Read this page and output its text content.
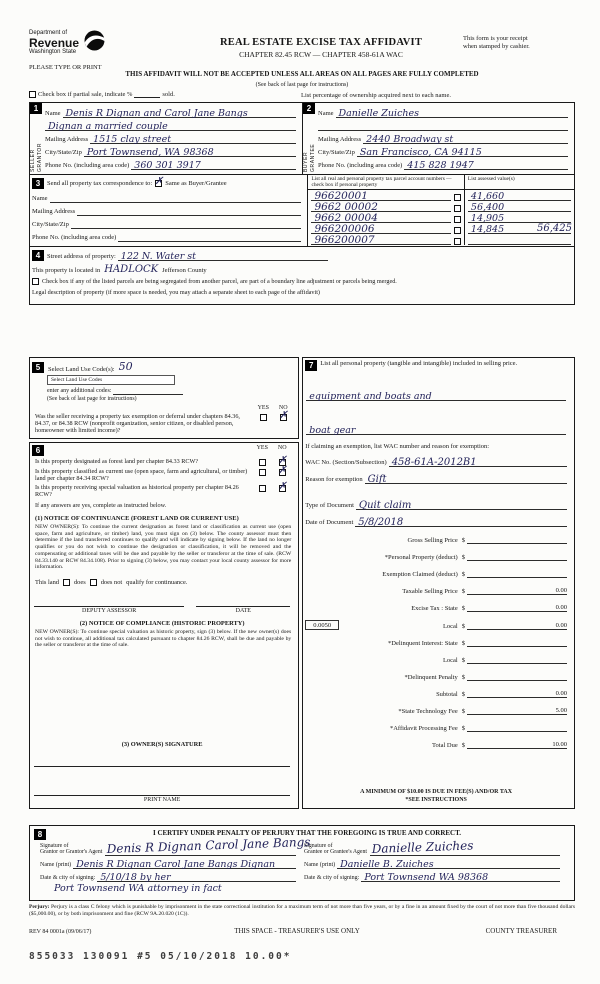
Department of
Revenue
Washington State
REAL ESTATE EXCISE TAX AFFIDAVIT
CHAPTER 82.45 RCW — CHAPTER 458-61A WAC
This form is your receipt
when stamped by cashier.
PLEASE TYPE OR PRINT
THIS AFFIDAVIT WILL NOT BE ACCEPTED UNLESS ALL AREAS ON ALL PAGES ARE FULLY COMPLETED
(See back of last page for instructions)
Check box if partial sale, indicate %	sold.	List percentage of ownership acquired next to each name.
1
SELLER GRANTOR
Name Denis R Dignan and Carol Jane Bangs
Dignan a married couple
Mailing Address 1515 clay street
City/State/Zip Port Townsend, WA 98368
Phone No. (including area code) 360 301 3917
2
BUYER GRANTEE
Name Danielle Zuiches
Mailing Address 2440 Broadway st
City/State/Zip San Francisco, CA 94115
Phone No. (including area code) 415 828 1947
3	Send all property tax correspondence to: ✗ Same as Buyer/Grantee
Name
Mailing Address
City/State/Zip
Phone No. (including area code)
List all real and personal property tax parcel account numbers — check box if personal property
List assessed value(s)
96620001	41,660
9662 00002	56,400
9662 00004	14,905
966200006	14,845	56,425
966200007
4	Street address of property: 122 N. Water st
This property is located in HADLOCK Jefferson County
Check box if any of the listed parcels are being segregated from another parcel, are part of a boundary line adjustment or parcels being merged.
Legal description of property (if more space is needed, you may attach a separate sheet to each page of the affidavit)
5	Select Land Use Code(s): 50
Select Land Use Codes
enter any additional codes:
(See back of last page for instructions)
YES	NO
Was the seller receiving a property tax exemption or deferral under chapters 84.36, 84.37, or 84.38 RCW (nonprofit organization, senior citizen, or disabled person, homeowner with limited income)?
✗
6	YES	NO
Is this property designated as forest land per chapter 84.33 RCW?	✗
Is this property classified as current use (open space, farm and agricultural, or timber) land per chapter 84.34 RCW?
✗
Is this property receiving special valuation as historical property per chapter 84.26 RCW?
✗
If any answers are yes, complete as instructed below.
(1) NOTICE OF CONTINUANCE (FOREST LAND OR CURRENT USE)
NEW OWNER(S): To continue the current designation as forest land or classification as current use (open space, farm and agriculture, or timber) land, you must sign on (3) below. The county assessor must then determine if the land transferred continues to qualify and will indicate by signing below. If the land no longer qualifies or you do not wish to continue the designation or classification, it will be removed and the compensating or additional taxes will be due and payable by the seller or transferor at the time of sale. (RCW 84.33.140 or RCW 84.34.108). Prior to signing (3) below, you may contact your local county assessor for more information.
This land does does not qualify for continuance.
DEPUTY ASSESSOR	DATE
(2) NOTICE OF COMPLIANCE (HISTORIC PROPERTY)
NEW OWNER(S): To continue special valuation as historic property, sign (3) below. If the new owner(s) does not wish to continue, all additional tax calculated pursuant to chapter 84.26 RCW, shall be due and payable by the seller or transferor at the time of sale.
(3) OWNER(S) SIGNATURE
PRINT NAME
7	List all personal property (tangible and intangible) included in selling price.
equipment and boats and
boat gear
If claiming an exemption, list WAC number and reason for exemption:
WAC No. (Section/Subsection) 458-61A-2012B1
Reason for exemption Gift
Type of Document Quit claim
Date of Document 5/8/2018
Gross Selling Price $
*Personal Property (deduct) $
Exemption Claimed (deduct) $
Taxable Selling Price $	0.00
Excise Tax : State $	0.00
0.0050	Local $	0.00
*Delinquent Interest: State $
Local $
*Delinquent Penalty $
Subtotal $	0.00
*State Technology Fee $	5.00
*Affidavit Processing Fee $
Total Due $	10.00
A MINIMUM OF $10.00 IS DUE IN FEE(S) AND/OR TAX
*SEE INSTRUCTIONS
8	I CERTIFY UNDER PENALTY OF PERJURY THAT THE FOREGOING IS TRUE AND CORRECT.
Signature of
Grantor or Grantor's Agent Denis R Dignan Carol Jane Bangs
Name (print) Denis R Dignan Carol Jane Bangs Dignan
Date & city of signing: 5/10/18 by her
Port Townsend WA attorney in fact
Signature of
Grantee or Grantee's Agent Danielle Zuiches
Name (print) Danielle B. Zuiches
Date & city of signing: Port Townsend WA 98368

Perjury: Perjury is a class C felony which is punishable by imprisonment in the state correctional institution for a maximum term of not more than five years, or by a fine in an amount fixed by the court of not more than five thousand dollars ($5,000.00), or by both imprisonment and fine (RCW 9A.20.020 (1C)).

REV 84 0001a (09/06/17)	THIS SPACE - TREASURER'S USE ONLY	COUNTY TREASURER
855033 130091 #5 05/10/2018 10.00*
